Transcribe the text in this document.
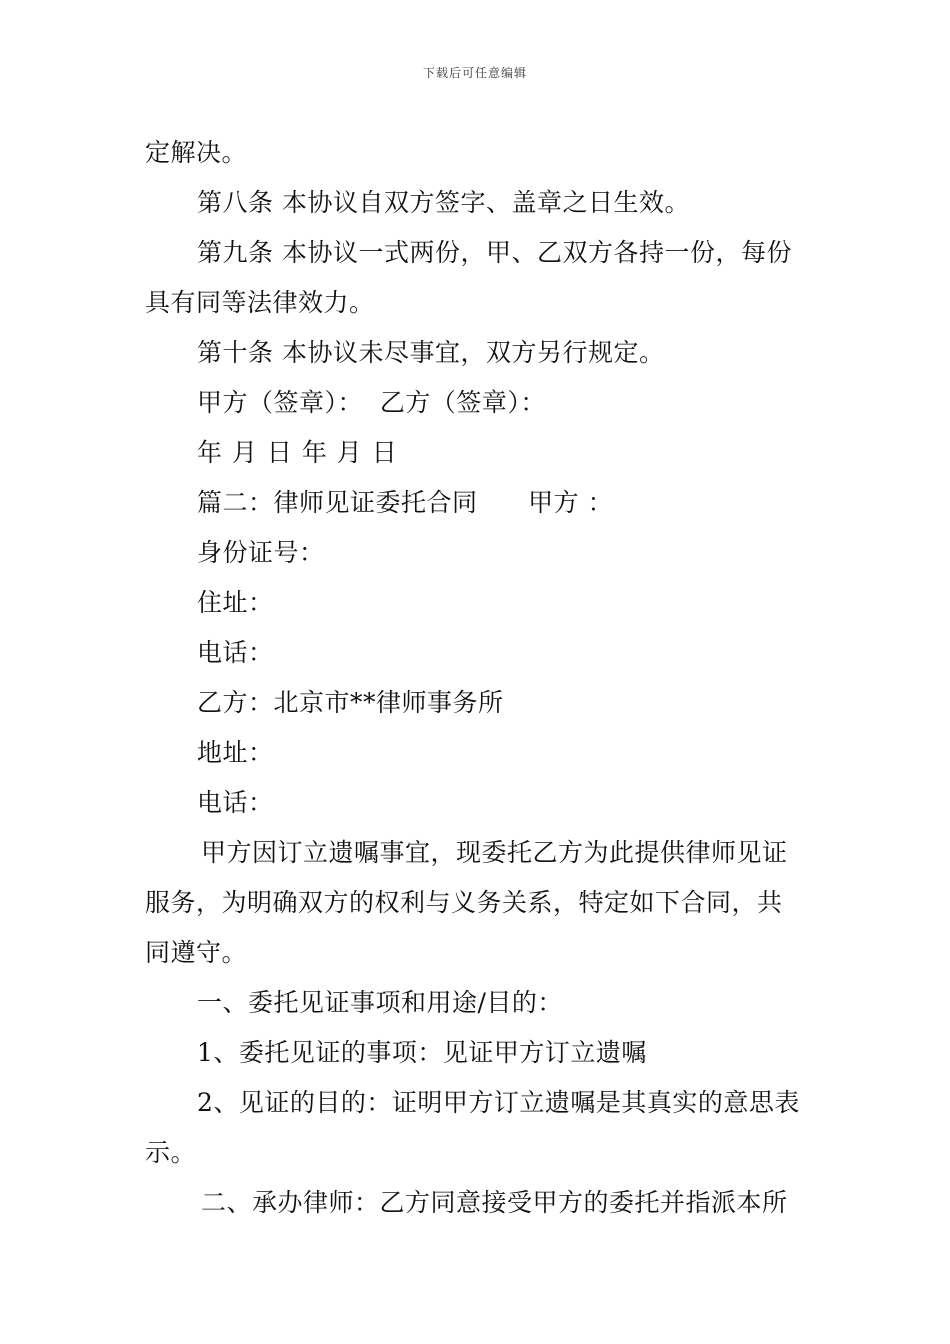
下载后可任意编辑
定解决。
第八条 本协议自双方签字、盖章之日生效。
第九条 本协议一式两份，甲、乙双方各持一份，每份
具有同等法律效力。
第十条 本协议未尽事宜，双方另行规定。
甲方（签章）：  乙方（签章）：
年 月 日 年 月 日
篇二：律师见证委托合同      甲方 ：
身份证号：
住址：
电话：
乙方：北京市**律师事务所
地址：
电话：
甲方因订立遗嘱事宜，现委托乙方为此提供律师见证
服务，为明确双方的权利与义务关系，特定如下合同，共
同遵守。
一、委托见证事项和用途/目的：
1、委托见证的事项：见证甲方订立遗嘱
2、见证的目的：证明甲方订立遗嘱是其真实的意思表
示。
二、承办律师：乙方同意接受甲方的委托并指派本所
